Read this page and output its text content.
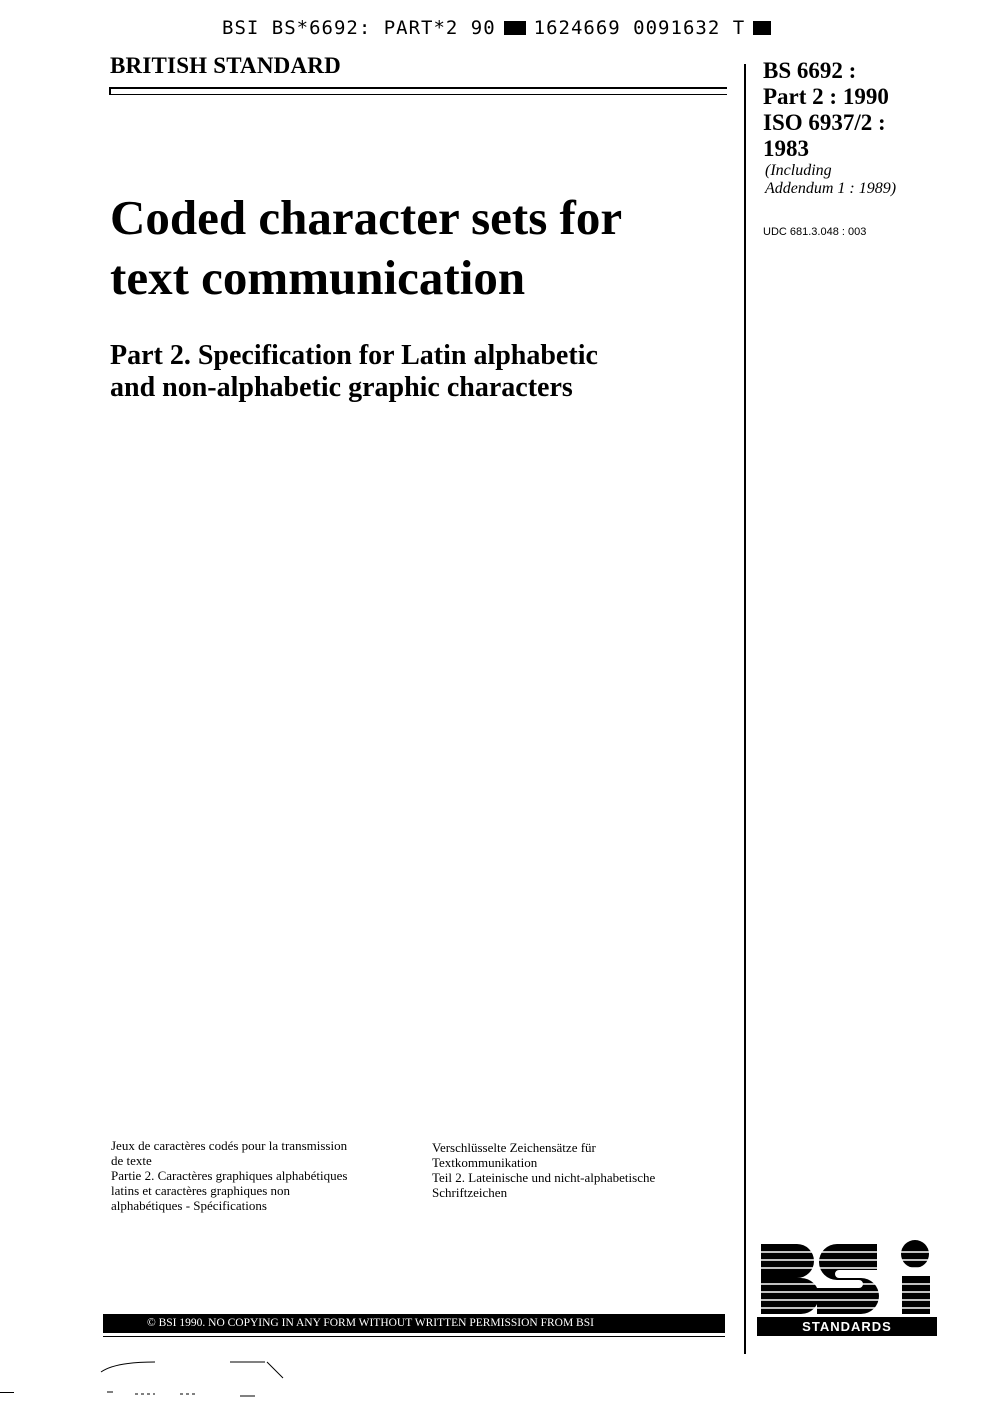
BSI BS*6692: PART*2 90 1624669 0091632 T
BRITISH STANDARD	BS 6692 :
Part 2 : 1990
ISO 6937/2 :
1983
(Including
Addendum 1 : 1989)
UDC 681.3.048 : 003
Coded character sets for
text communication
Part 2. Specification for Latin alphabetic
and non-alphabetic graphic characters
Jeux de caractères codés pour la transmission
de texte
Partie 2. Caractères graphiques alphabétiques
latins et caractères graphiques non
alphabétiques - Spécifications
Verschlüsselte Zeichensätze für
Textkommunikation
Teil 2. Lateinische und nicht-alphabetische
Schriftzeichen
STANDARDS
© BSI 1990. NO COPYING IN ANY FORM WITHOUT WRITTEN PERMISSION FROM BSI
